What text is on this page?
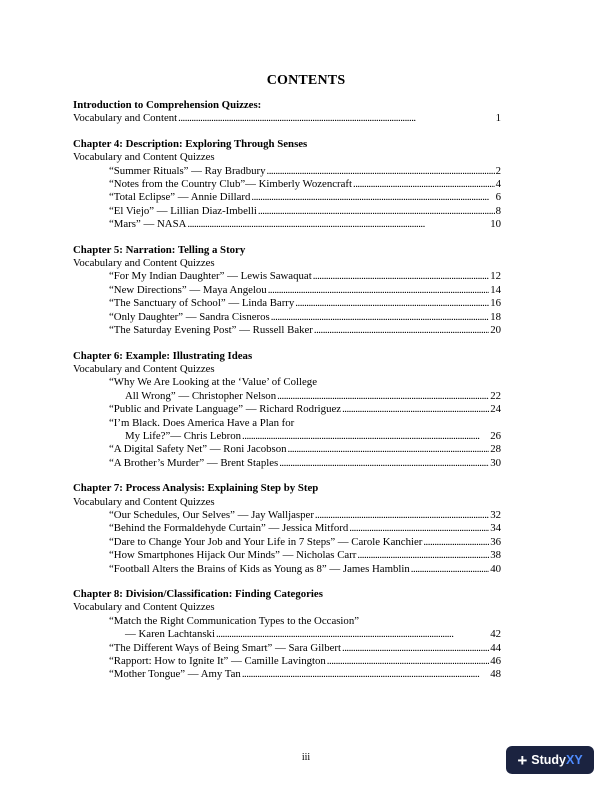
CONTENTS
Introduction to Comprehension Quizzes:
Vocabulary and Content . . .	1
Chapter 4: Description: Exploring Through Senses
Vocabulary and Content Quizzes
“Summer Rituals” — Ray Bradbury . . .	2
“Notes from the Country Club”— Kimberly Wozencraft . . .	4
“Total Eclipse” — Annie Dillard . . .	6
“El Viejo” — Lillian Diaz-Imbelli . . .	8
“Mars” — NASA . . .	10
Chapter 5: Narration: Telling a Story
Vocabulary and Content Quizzes
“For My Indian Daughter” — Lewis Sawaquat . . .	12
“New Directions” — Maya Angelou . . .	14
“The Sanctuary of School” — Linda Barry . . .	16
“Only Daughter” — Sandra Cisneros . . .	18
“The Saturday Evening Post” — Russell Baker . . .	20
Chapter 6: Example: Illustrating Ideas
Vocabulary and Content Quizzes
“Why We Are Looking at the ‘Value’ of College
All Wrong” — Christopher Nelson . . .	22
“Public and Private Language” — Richard Rodriguez . . .	24
“I’m Black. Does America Have a Plan for
My Life?”— Chris Lebron . . .	26
“A Digital Safety Net” — Roni Jacobson . . .	28
“A Brother’s Murder” — Brent Staples . . .	30
Chapter 7: Process Analysis: Explaining Step by Step
Vocabulary and Content Quizzes
“Our Schedules, Our Selves” — Jay Walljasper . . .	32
“Behind the Formaldehyde Curtain” — Jessica Mitford . . .	34
“Dare to Change Your Job and Your Life in 7 Steps” — Carole Kanchier . . .	36
“How Smartphones Hijack Our Minds” — Nicholas Carr . . .	38
“Football Alters the Brains of Kids as Young as 8” — James Hamblin . . .	40
Chapter 8: Division/Classification: Finding Categories
Vocabulary and Content Quizzes
“Match the Right Communication Types to the Occasion”
— Karen Lachtanski . . .	42
“The Different Ways of Being Smart” — Sara Gilbert . . .	44
“Rapport: How to Ignite It” — Camille Lavington . . .	46
“Mother Tongue” — Amy Tan . . .	48
iii	+ Study XY
